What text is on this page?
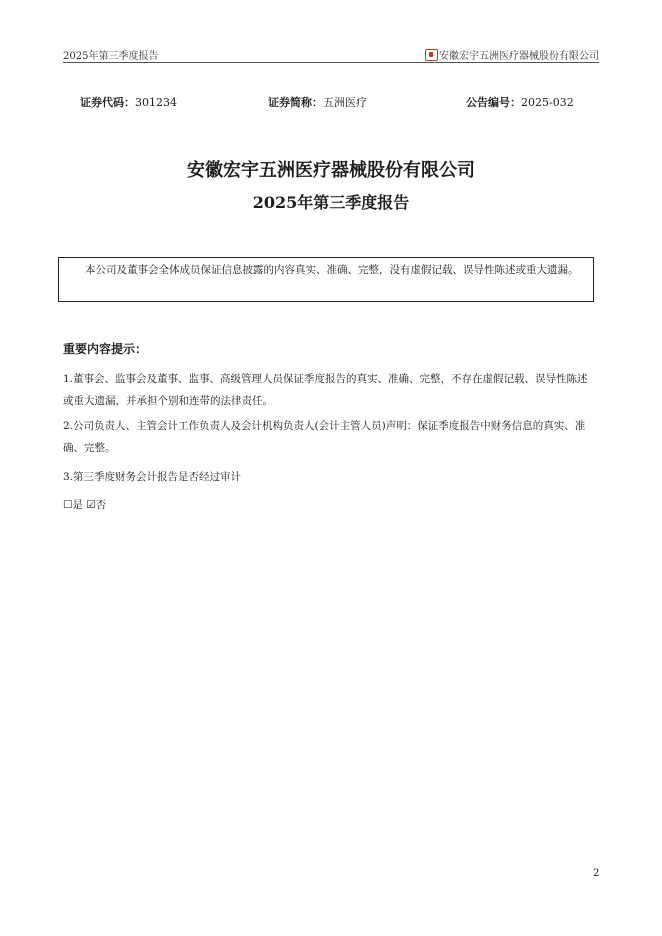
2025年第三季度报告	安徽宏宇五洲医疗器械股份有限公司
证券代码：301234	证券简称：五洲医疗	公告编号：2025-032
安徽宏宇五洲医疗器械股份有限公司
2025年第三季度报告

本公司及董事会全体成员保证信息披露的内容真实、准确、完整，没有虚假记载、误导性陈述或重大遗漏。

重要内容提示：
1.董事会、监事会及董事、监事、高级管理人员保证季度报告的真实、准确、完整，不存在虚假记载、误导性陈述或重大遗漏，并承担个别和连带的法律责任。
2.公司负责人、主管会计工作负责人及会计机构负责人(会计主管人员)声明：保证季度报告中财务信息的真实、准确、完整。
3.第三季度财务会计报告是否经过审计
☐是 ☑否
2
